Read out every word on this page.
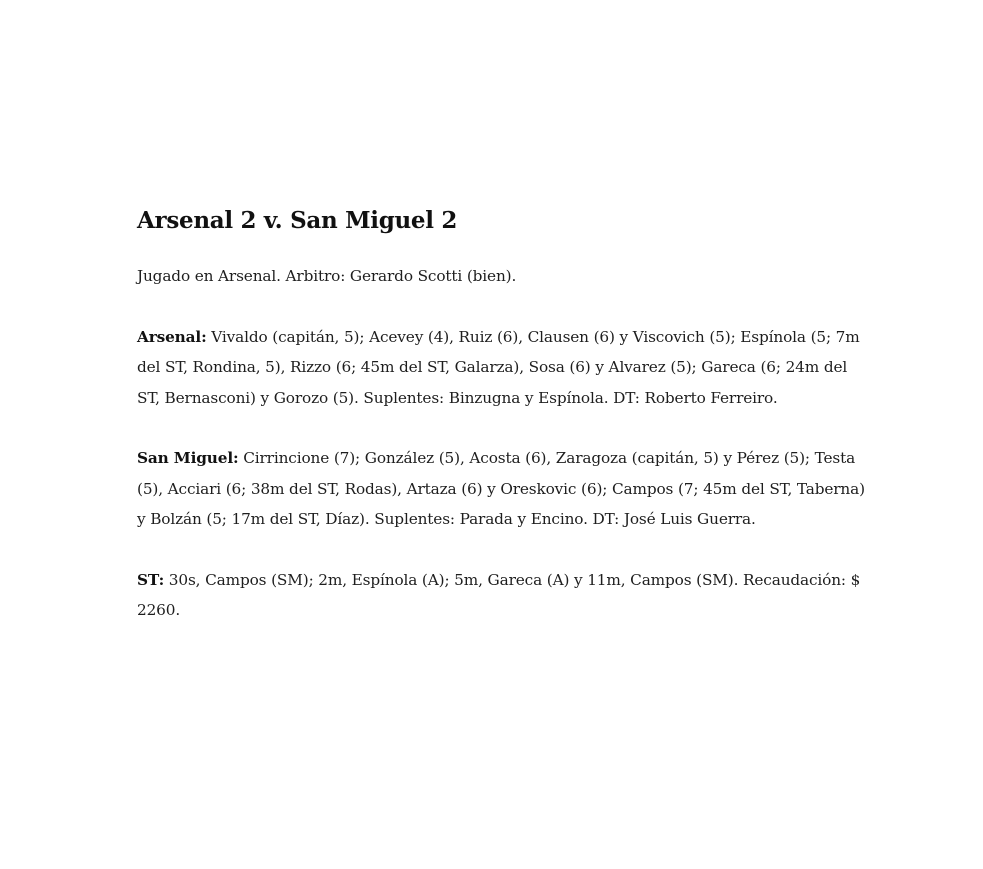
Arsenal 2 v. San Miguel 2

Jugado en Arsenal. Arbitro: Gerardo Scotti (bien).

Arsenal: Vivaldo (capitán, 5); Acevey (4), Ruiz (6), Clausen (6) y Viscovich (5); Espínola (5; 7m del ST, Rondina, 5), Rizzo (6; 45m del ST, Galarza), Sosa (6) y Alvarez (5); Gareca (6; 24m del ST, Bernasconi) y Gorozo (5). Suplentes: Binzugna y Espínola. DT: Roberto Ferreiro.

San Miguel: Cirrincione (7); González (5), Acosta (6), Zaragoza (capitán, 5) y Pérez (5); Testa (5), Acciari (6; 38m del ST, Rodas), Artaza (6) y Oreskovic (6); Campos (7; 45m del ST, Taberna) y Bolzán (5; 17m del ST, Díaz). Suplentes: Parada y Encino. DT: José Luis Guerra.

ST: 30s, Campos (SM); 2m, Espínola (A); 5m, Gareca (A) y 11m, Campos (SM). Recaudación: $ 2260.
